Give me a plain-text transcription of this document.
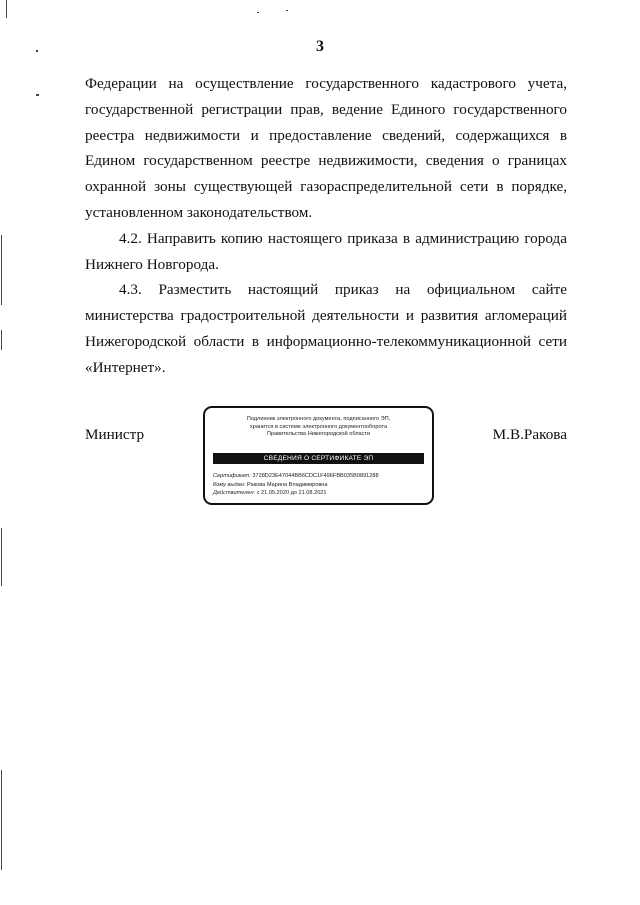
3

Федерации на осуществление государственного кадастрового учета, государственной регистрации прав, ведение Единого государственного реестра недвижимости и предоставление сведений, содержащихся в Едином государственном реестре недвижимости, сведения о границах охранной зоны существующей газораспределительной сети в порядке, установленном законодательством.

4.2. Направить копию настоящего приказа в администрацию города Нижнего Новгорода.

4.3. Разместить настоящий приказ на официальном сайте министерства градостроительной деятельности и развития агломераций Нижегородской области в информационно-телекоммуникационной сети «Интернет».

Министр
Подлинник электронного документа, подписанного ЭП,
хранится в системе электронного документооборота
Правительства Нижегородской области
СВЕДЕНИЯ О СЕРТИФИКАТЕ ЭП
Сертификат: 3728D23E47044BB6CDC1F496FBB035B0891288
Кому выдан: Ракова Марина Владимировна
Действителен: с 21.05.2020 до 21.08.2021
М.В.Ракова
